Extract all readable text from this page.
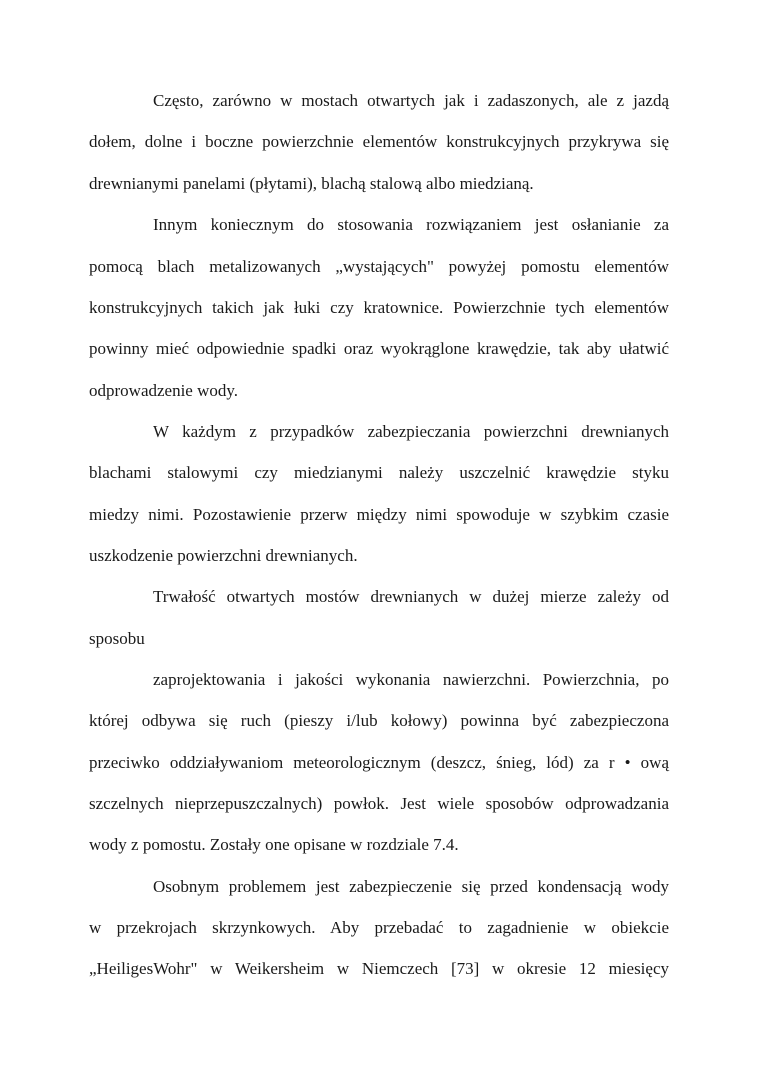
Często, zarówno w mostach otwartych jak i zadaszonych, ale z jazdą
dołem, dolne i boczne powierzchnie elementów konstrukcyjnych przykrywa się
drewnianymi panelami (płytami), blachą stalową albo miedzianą.
Innym koniecznym do stosowania rozwiązaniem jest osłanianie za
pomocą blach metalizowanych „wystających" powyżej pomostu elementów
konstrukcyjnych takich jak łuki czy kratownice. Powierzchnie tych elementów
powinny mieć odpowiednie spadki oraz wyokrąglone krawędzie, tak aby ułatwić
odprowadzenie wody.
W każdym z przypadków zabezpieczania powierzchni drewnianych
blachami stalowymi czy miedzianymi należy uszczelnić krawędzie styku
miedzy nimi. Pozostawienie przerw między nimi spowoduje w szybkim czasie
uszkodzenie powierzchni drewnianych.
Trwałość otwartych mostów drewnianych w dużej mierze zależy od
sposobu
zaprojektowania i jakości wykonania nawierzchni. Powierzchnia, po
której odbywa się ruch (pieszy i/lub kołowy) powinna być zabezpieczona
przeciwko oddziaływaniom meteorologicznym (deszcz, śnieg, lód) za r • ową
szczelnych nieprzepuszczalnych) powłok. Jest wiele sposobów odprowadzania
wody z pomostu. Zostały one opisane w rozdziale 7.4.
Osobnym problemem jest zabezpieczenie się przed kondensacją wody
w przekrojach skrzynkowych. Aby przebadać to zagadnienie w obiekcie
„HeiligesWohr" w Weikersheim w Niemczech [73] w okresie 12 miesięcy
